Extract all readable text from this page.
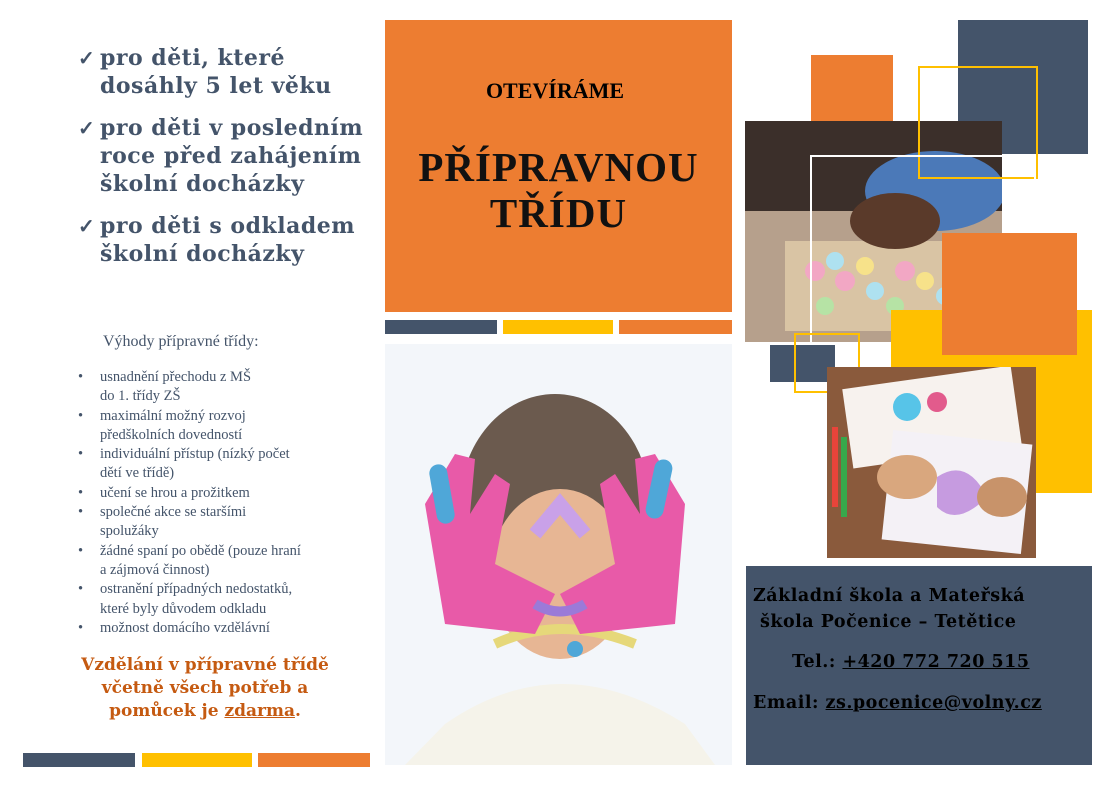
✓ pro děti, které
dosáhly 5 let věku
✓ pro děti v posledním
roce před zahájením
školní docházky
✓ pro děti s odkladem
školní docházky
Výhody přípravné třídy:
• usnadnění přechodu z MŠ
do 1. třídy ZŠ
• maximální možný rozvoj
předškolních dovedností
• individuální přístup (nízký počet
dětí ve třídě)
• učení se hrou a prožitkem
• společné akce se staršími
spolužáky
• žádné spaní po obědě (pouze hraní
a zájmová činnost)
• ostranění případných nedostatků,
které byly důvodem odkladu
• možnost domácího vzdělávní
Vzdělání v přípravné třídě
včetně všech potřeb a
pomůcek je zdarma.
OTEVÍRÁME
PŘÍPRAVNOU
TŘÍDU
Základní škola a Mateřská
škola Počenice – Tetětice
Tel.: +420 772 720 515
Email: zs.pocenice@volny.cz
